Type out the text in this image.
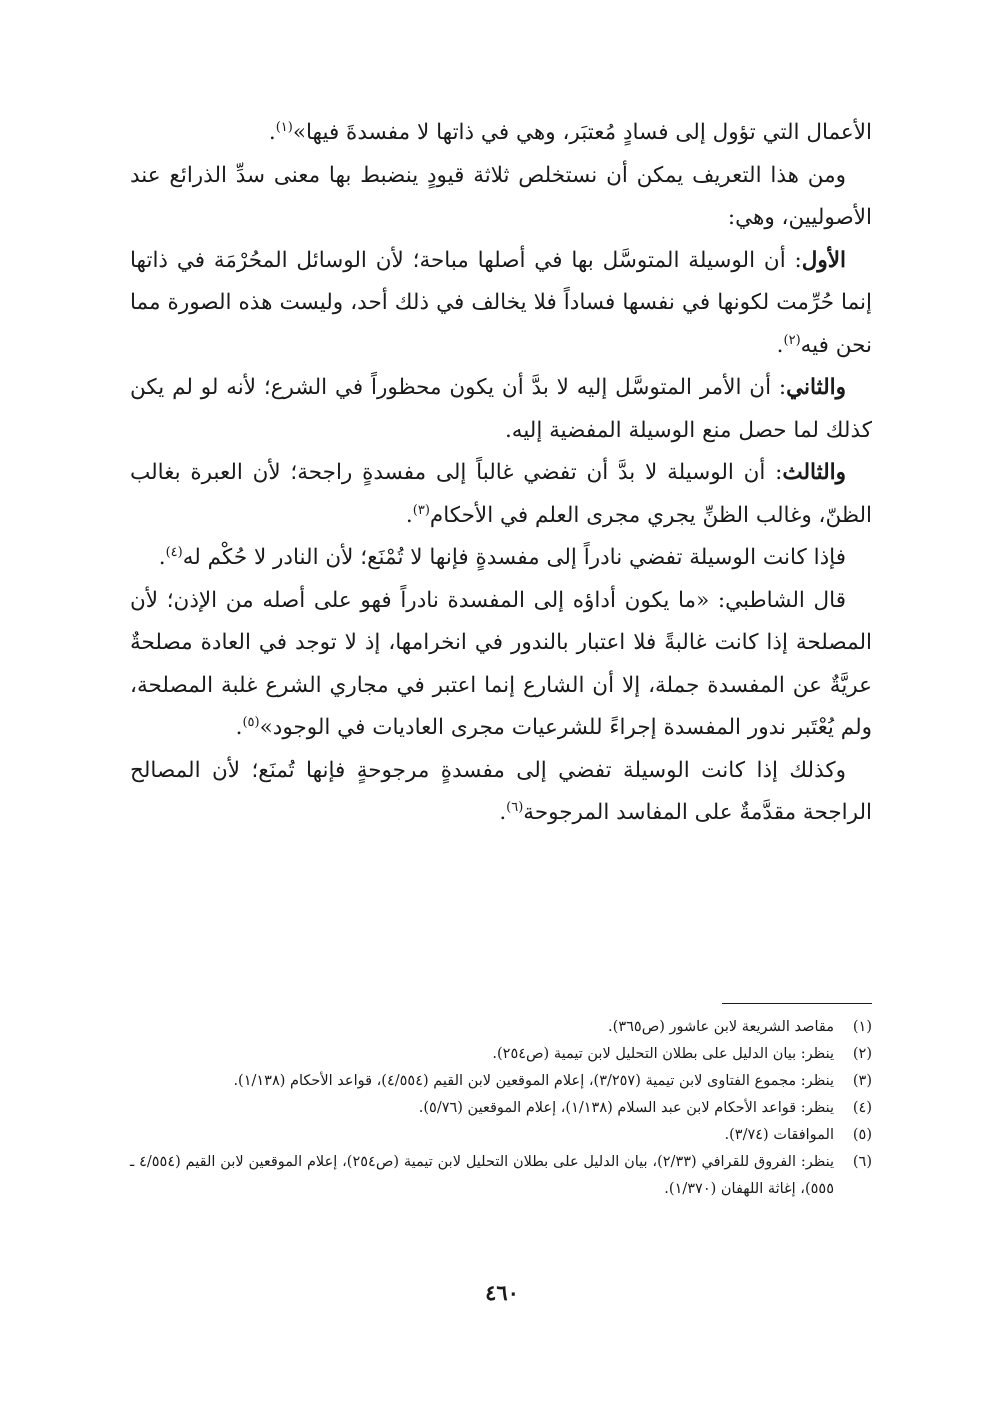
الأعمال التي تؤول إلى فسادٍ مُعتبَر، وهي في ذاتها لا مفسدةَ فيها»$^{(١)}$.

ومن هذا التعريف يمكن أن نستخلص ثلاثة قيودٍ ينضبط بها معنى سدِّ الذرائع عند الأصوليين، وهي:

الأول: أن الوسيلة المتوسَّل بها في أصلها مباحة؛ لأن الوسائل المحُرْمَة في ذاتها إنما حُرِّمت لكونها في نفسها فساداً فلا يخالف في ذلك أحد، وليست هذه الصورة مما نحن فيه$^{(٢)}$.

والثاني: أن الأمر المتوسَّل إليه لا بدَّ أن يكون محظوراً في الشرع؛ لأنه لو لم يكن كذلك لما حصل منع الوسيلة المفضية إليه.

والثالث: أن الوسيلة لا بدَّ أن تفضي غالباً إلى مفسدةٍ راجحة؛ لأن العبرة بغالب الظنّ، وغالب الظنِّ يجري مجرى العلم في الأحكام$^{(٣)}$.

فإذا كانت الوسيلة تفضي نادراً إلى مفسدةٍ فإنها لا تُمْنَع؛ لأن النادر لا حُكْم له$^{(٤)}$.

قال الشاطبي: «ما يكون أداؤه إلى المفسدة نادراً فهو على أصله من الإذن؛ لأن المصلحة إذا كانت غالبةً فلا اعتبار بالندور في انخرامها، إذ لا توجد في العادة مصلحةٌ عريَّةٌ عن المفسدة جملة، إلا أن الشارع إنما اعتبر في مجاري الشرع غلبة المصلحة، ولم يُعْتَبر ندور المفسدة إجراءً للشرعيات مجرى العاديات في الوجود»$^{(٥)}$.

وكذلك إذا كانت الوسيلة تفضي إلى مفسدةٍ مرجوحةٍ فإنها تُمنَع؛ لأن المصالح الراجحة مقدَّمةٌ على المفاسد المرجوحة$^{(٦)}$.

(١)
مقاصد الشريعة لابن عاشور (ص٣٦٥).
(٢)
ينظر: بيان الدليل على بطلان التحليل لابن تيمية (ص٢٥٤).
(٣)
ينظر: مجموع الفتاوى لابن تيمية (٣/٢٥٧)، إعلام الموقعين لابن القيم (٤/٥٥٤)، قواعد الأحكام (١/١٣٨).
(٤)
ينظر: قواعد الأحكام لابن عبد السلام (١/١٣٨)، إعلام الموقعين (٥/٧٦).
(٥)
الموافقات (٣/٧٤).
(٦)
ينظر: الفروق للقرافي (٢/٣٣)، بيان الدليل على بطلان التحليل لابن تيمية (ص٢٥٤)، إعلام الموقعين لابن القيم (٤/٥٥٤ ـ ٥٥٥)، إغاثة اللهفان (١/٣٧٠).
٤٦٠
